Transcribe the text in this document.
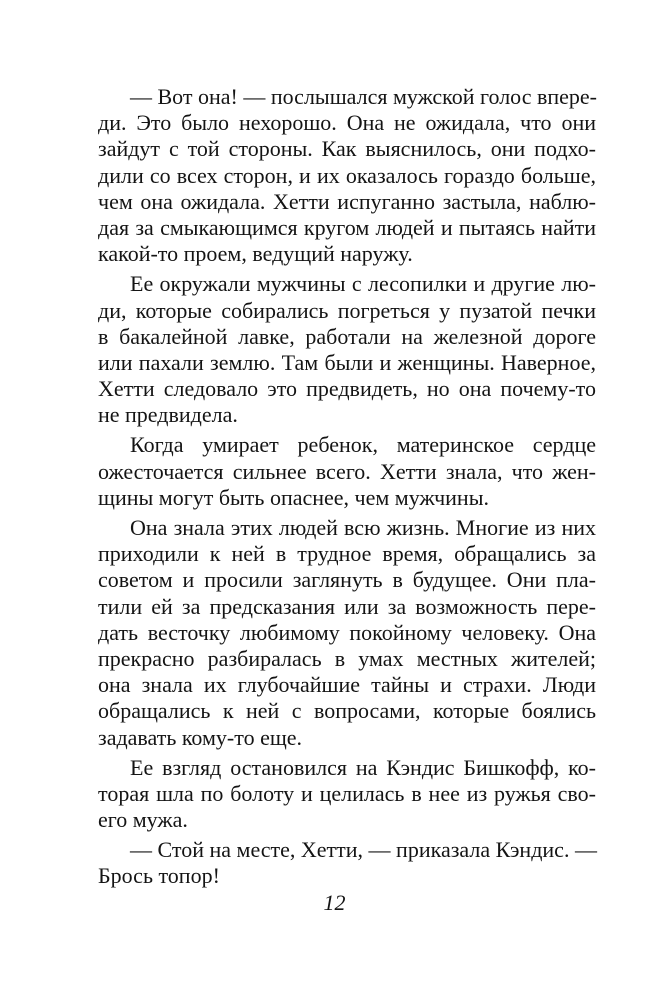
— Вот она! — послышался мужской голос впере-
ди. Это было нехорошо. Она не ожидала, что они
зайдут с той стороны. Как выяснилось, они подхо-
дили со всех сторон, и их оказалось гораздо больше,
чем она ожидала. Хетти испуганно застыла, наблю-
дая за смыкающимся кругом людей и пытаясь найти
какой-то проем, ведущий наружу.
Ее окружали мужчины с лесопилки и другие лю-
ди, которые собирались погреться у пузатой печки
в бакалейной лавке, работали на железной дороге
или пахали землю. Там были и женщины. Наверное,
Хетти следовало это предвидеть, но она почему-то
не предвидела.
Когда умирает ребенок, материнское сердце
ожесточается сильнее всего. Хетти знала, что жен-
щины могут быть опаснее, чем мужчины.
Она знала этих людей всю жизнь. Многие из них
приходили к ней в трудное время, обращались за
советом и просили заглянуть в будущее. Они пла-
тили ей за предсказания или за возможность пере-
дать весточку любимому покойному человеку. Она
прекрасно разбиралась в умах местных жителей;
она знала их глубочайшие тайны и страхи. Люди
обращались к ней с вопросами, которые боялись
задавать кому-то еще.
Ее взгляд остановился на Кэндис Бишкофф, ко-
торая шла по болоту и целилась в нее из ружья сво-
его мужа.
— Стой на месте, Хетти, — приказала Кэндис. —
Брось топор!
12
